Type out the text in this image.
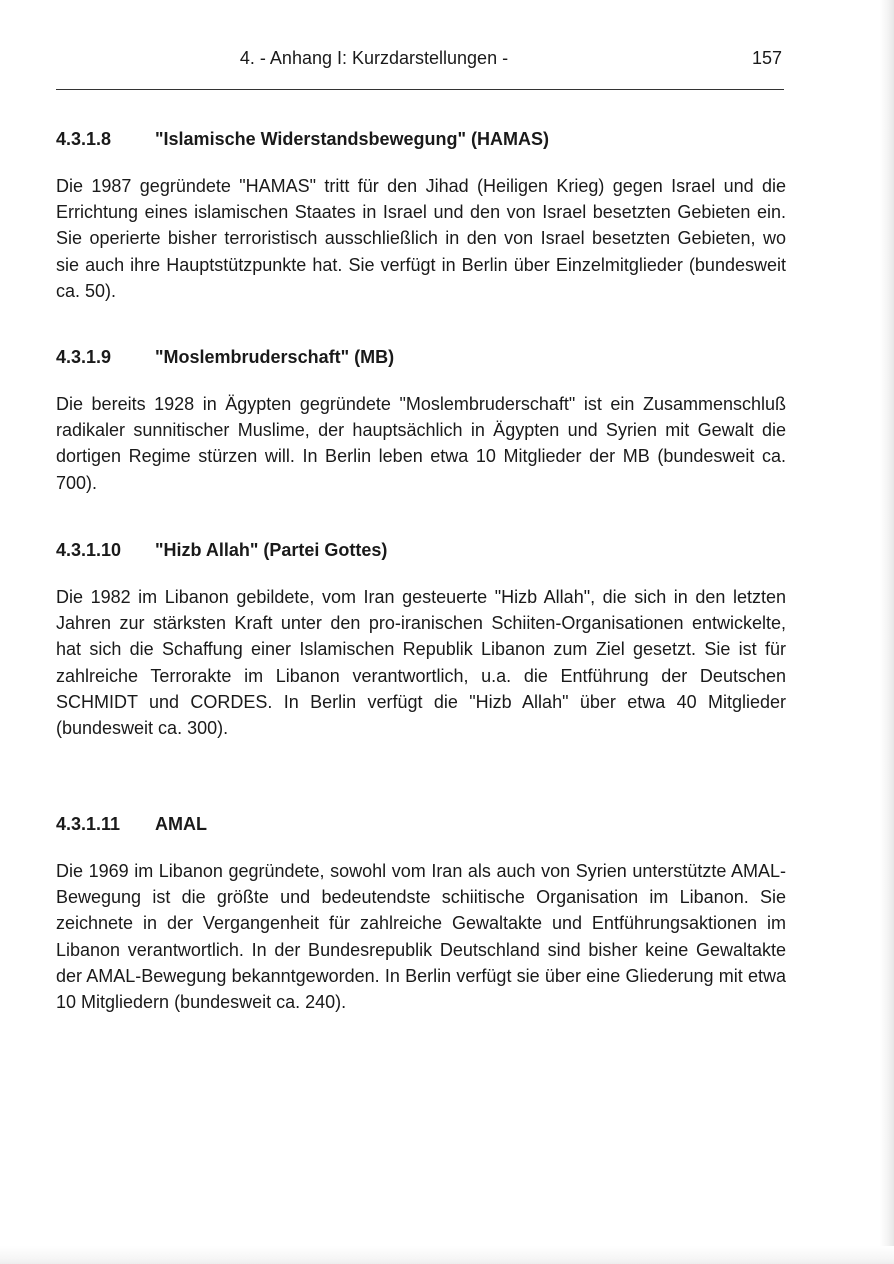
4. - Anhang I: Kurzdarstellungen -	157
4.3.1.8	"Islamische Widerstandsbewegung" (HAMAS)
Die 1987 gegründete "HAMAS" tritt für den Jihad (Heiligen Krieg) gegen Israel und die Errichtung eines islamischen Staates in Israel und den von Israel besetzten Gebieten ein. Sie operierte bisher terroristisch ausschließlich in den von Israel besetzten Gebieten, wo sie auch ihre Hauptstützpunkte hat. Sie verfügt in Berlin über Einzelmitglieder (bundesweit ca. 50).
4.3.1.9	"Moslembruderschaft" (MB)
Die bereits 1928 in Ägypten gegründete "Moslembruderschaft" ist ein Zusammenschluß radikaler sunnitischer Muslime, der hauptsächlich in Ägypten und Syrien mit Gewalt die dortigen Regime stürzen will. In Berlin leben etwa 10 Mitglieder der MB (bundesweit ca. 700).
4.3.1.10	"Hizb Allah" (Partei Gottes)
Die 1982 im Libanon gebildete, vom Iran gesteuerte "Hizb Allah", die sich in den letzten Jahren zur stärksten Kraft unter den pro-iranischen Schiiten-Organisationen entwickelte, hat sich die Schaffung einer Islamischen Republik Libanon zum Ziel gesetzt. Sie ist für zahlreiche Terrorakte im Libanon verantwortlich, u.a. die Entführung der Deutschen SCHMIDT und CORDES. In Berlin verfügt die "Hizb Allah" über etwa 40 Mitglieder (bundesweit ca. 300).
4.3.1.11	AMAL
Die 1969 im Libanon gegründete, sowohl vom Iran als auch von Syrien unterstützte AMAL-Bewegung ist die größte und bedeutendste schiitische Organisation im Libanon. Sie zeichnete in der Vergangenheit für zahlreiche Gewaltakte und Entführungsaktionen im Libanon verantwortlich. In der Bundesrepublik Deutschland sind bisher keine Gewaltakte der AMAL-Bewegung bekanntgeworden. In Berlin verfügt sie über eine Gliederung mit etwa 10 Mitgliedern (bundesweit ca. 240).
